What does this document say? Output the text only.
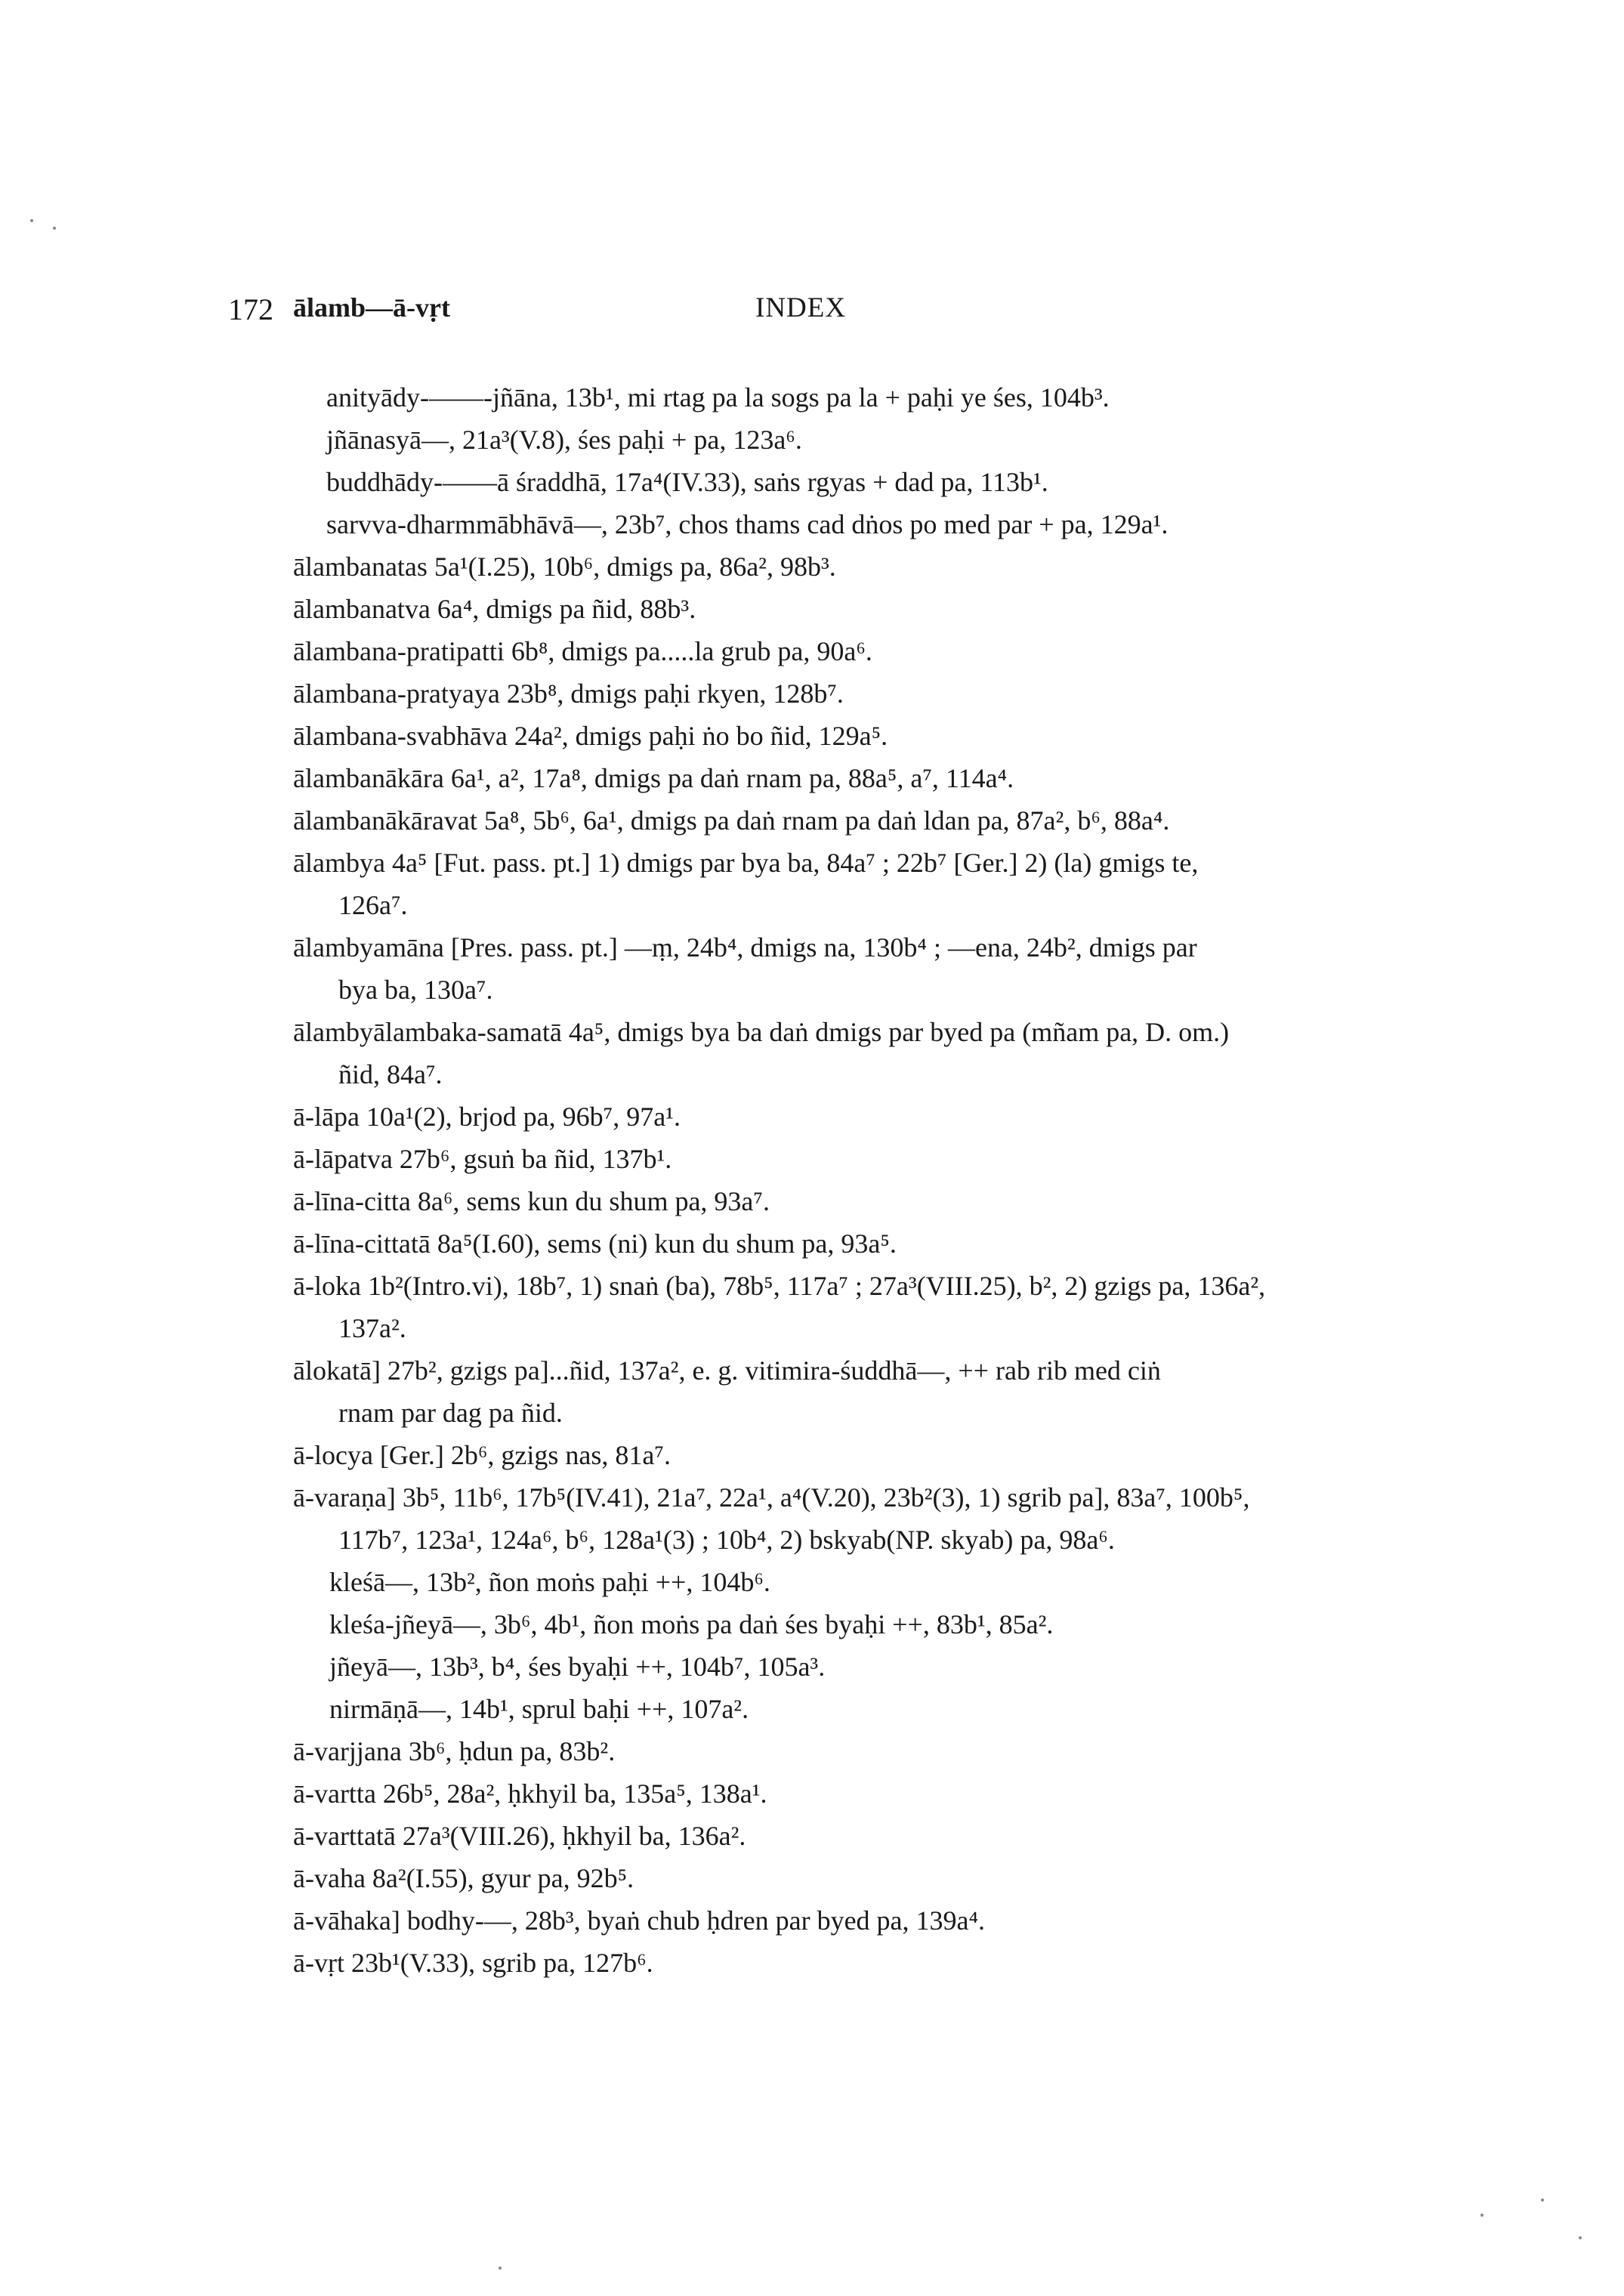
172 ālamb—ā-vṛt	INDEX
anityādy-——-jñāna, 13b¹, mi rtag pa la sogs pa la + paḥi ye śes, 104b³.
jñānasyā—, 21a³(V.8), śes paḥi + pa, 123a⁶.
buddhādy-——ā śraddhā, 17a⁴(IV.33), saṅs rgyas + dad pa, 113b¹.
sarvva-dharmmābhāvā—, 23b⁷, chos thams cad dṅos po med par + pa, 129a¹.
ālambanatas 5a¹(I.25), 10b⁶, dmigs pa, 86a², 98b³.
ālambanatva 6a⁴, dmigs pa ñid, 88b³.
ālambana-pratipatti 6b⁸, dmigs pa.....la grub pa, 90a⁶.
ālambana-pratyaya 23b⁸, dmigs paḥi rkyen, 128b⁷.
ālambana-svabhāva 24a², dmigs paḥi ṅo bo ñid, 129a⁵.
ālambanākāra 6a¹, a², 17a⁸, dmigs pa daṅ rnam pa, 88a⁵, a⁷, 114a⁴.
ālambanākāravat 5a⁸, 5b⁶, 6a¹, dmigs pa daṅ rnam pa daṅ ldan pa, 87a², b⁶, 88a⁴.
ālambya 4a⁵ [Fut. pass. pt.] 1) dmigs par bya ba, 84a⁷ ; 22b⁷ [Ger.] 2) (la) gmigs te,
126a⁷.
ālambyamāna [Pres. pass. pt.] —ṃ, 24b⁴, dmigs na, 130b⁴ ; —ena, 24b², dmigs par
bya ba, 130a⁷.
ālambyālambaka-samatā 4a⁵, dmigs bya ba daṅ dmigs par byed pa (mñam pa, D. om.)
ñid, 84a⁷.
ā-lāpa 10a¹(2), brjod pa, 96b⁷, 97a¹.
ā-lāpatva 27b⁶, gsuṅ ba ñid, 137b¹.
ā-līna-citta 8a⁶, sems kun du shum pa, 93a⁷.
ā-līna-cittatā 8a⁵(I.60), sems (ni) kun du shum pa, 93a⁵.
ā-loka 1b²(Intro.vi), 18b⁷, 1) snaṅ (ba), 78b⁵, 117a⁷ ; 27a³(VIII.25), b², 2) gzigs pa, 136a²,
137a².
ālokatā] 27b², gzigs pa]...ñid, 137a², e. g. vitimira-śuddhā—, ++ rab rib med ciṅ
rnam par dag pa ñid.
ā-locya [Ger.] 2b⁶, gzigs nas, 81a⁷.
ā-varaṇa] 3b⁵, 11b⁶, 17b⁵(IV.41), 21a⁷, 22a¹, a⁴(V.20), 23b²(3), 1) sgrib pa], 83a⁷, 100b⁵,
117b⁷, 123a¹, 124a⁶, b⁶, 128a¹(3) ; 10b⁴, 2) bskyab(NP. skyab) pa, 98a⁶.
kleśā—, 13b², ñon moṅs paḥi ++, 104b⁶.
kleśa-jñeyā—, 3b⁶, 4b¹, ñon moṅs pa daṅ śes byaḥi ++, 83b¹, 85a².
jñeyā—, 13b³, b⁴, śes byaḥi ++, 104b⁷, 105a³.
nirmāṇā—, 14b¹, sprul baḥi ++, 107a².
ā-varjjana 3b⁶, ḥdun pa, 83b².
ā-vartta 26b⁵, 28a², ḥkhyil ba, 135a⁵, 138a¹.
ā-varttatā 27a³(VIII.26), ḥkhyil ba, 136a².
ā-vaha 8a²(I.55), gyur pa, 92b⁵.
ā-vāhaka] bodhy-—, 28b³, byaṅ chub ḥdren par byed pa, 139a⁴.
ā-vṛt 23b¹(V.33), sgrib pa, 127b⁶.
